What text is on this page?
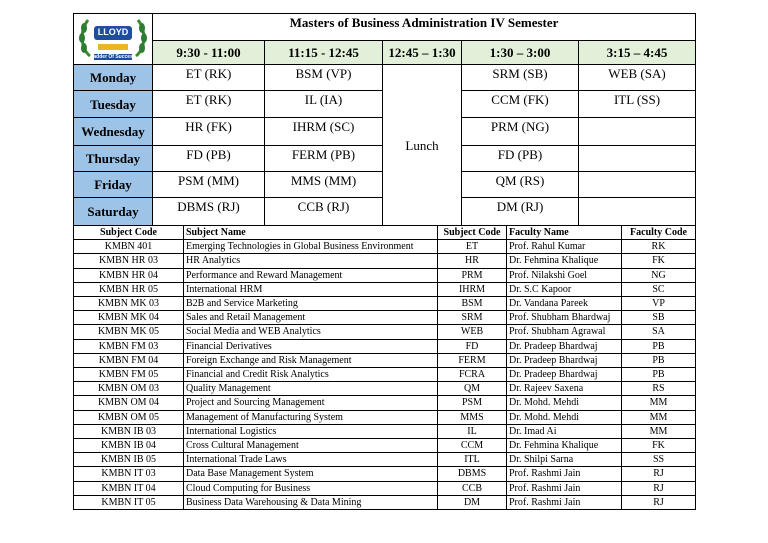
LLOYD
Ladder Of Success	Masters of Business Administration IV Semester				
	9:30 - 11:00	11:15 - 12:45	12:45 – 1:30	1:30 – 3:00	3:15 – 4:45
Monday	ET (RK)	BSM (VP)	Lunch	SRM (SB)	WEB (SA)
Tuesday	ET (RK)	IL (IA)		CCM (FK)	ITL (SS)
Wednesday	HR (FK)	IHRM (SC)		PRM (NG)	
Thursday	FD (PB)	FERM (PB)		FD (PB)	
Friday	PSM (MM)	MMS (MM)		QM (RS)	
Saturday	DBMS (RJ)	CCB (RJ)		DM (RJ)	
Subject Code	Subject Name	Subject Code	Faculty Name	Faculty Code
KMBN 401	Emerging Technologies in Global Business Environment	ET	Prof. Rahul Kumar	RK
KMBN HR 03	HR Analytics	HR	Dr. Fehmina Khalique	FK
KMBN HR 04	Performance and Reward Management	PRM	Prof. Nilakshi Goel	NG
KMBN HR 05	International HRM	IHRM	Dr. S.C Kapoor	SC
KMBN MK 03	B2B and Service Marketing	BSM	Dr. Vandana Pareek	VP
KMBN MK 04	Sales and Retail Management	SRM	Prof. Shubham Bhardwaj	SB
KMBN MK 05	Social Media and WEB Analytics	WEB	Prof. Shubham Agrawal	SA
KMBN FM 03	Financial Derivatives	FD	Dr. Pradeep Bhardwaj	PB
KMBN FM 04	Foreign Exchange and Risk Management	FERM	Dr. Pradeep Bhardwaj	PB
KMBN FM 05	Financial and Credit Risk Analytics	FCRA	Dr. Pradeep Bhardwaj	PB
KMBN OM 03	Quality Management	QM	Dr. Rajeev Saxena	RS
KMBN OM 04	Project and Sourcing Management	PSM	Dr. Mohd. Mehdi	MM
KMBN OM 05	Management of Manufacturing System	MMS	Dr. Mohd. Mehdi	MM
KMBN IB 03	International Logistics	IL	Dr. Imad Ai	MM
KMBN IB 04	Cross Cultural Management	CCM	Dr. Fehmina Khalique	FK
KMBN IB 05	International Trade Laws	ITL	Dr. Shilpi Sarna	SS
KMBN IT 03	Data Base Management System	DBMS	Prof. Rashmi Jain	RJ
KMBN IT 04	Cloud Computing for Business	CCB	Prof. Rashmi Jain	RJ
KMBN IT 05	Business Data Warehousing & Data Mining	DM	Prof. Rashmi Jain	RJ
